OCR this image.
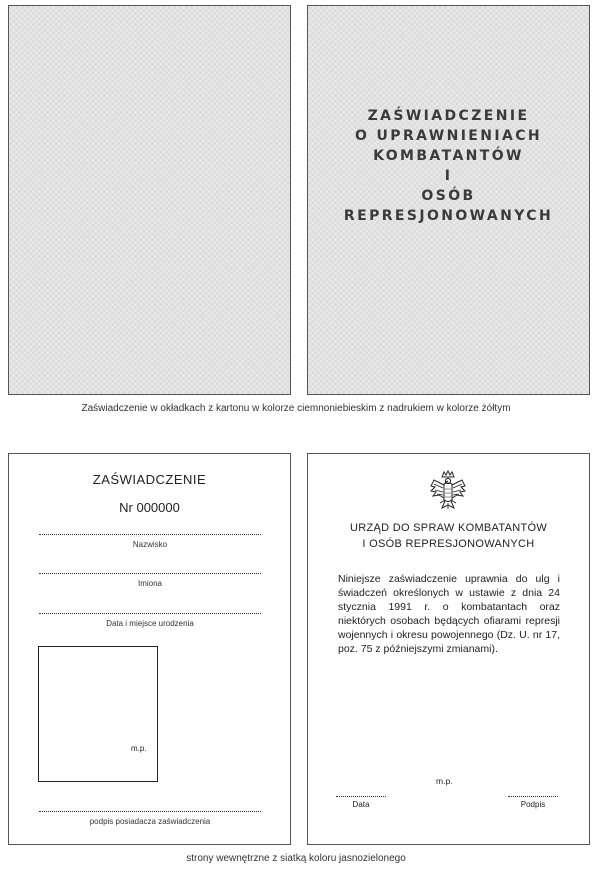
ZAŚWIADCZENIE
O UPRAWNIENIACH
KOMBATANTÓW
I
OSÓB
REPRESJONOWANYCH
Zaświadczenie w okładkach z kartonu w kolorze ciemnoniebieskim z nadrukiem w kolorze żółtym
ZAŚWIADCZENIE
Nr 000000
Nazwisko
Imiona
Data i miejsce urodzenia
m.p.
podpis posiadacza zaświadczenia
URZĄD DO SPRAW KOMBATANTÓW
I OSÓB REPRESJONOWANYCH
Niniejsze zaświadczenie uprawnia do ulg i świadczeń określonych w ustawie z dnia 24 stycznia 1991 r. o kombatantach oraz niektórych osobach będących ofiarami represji wojennych i okresu powojennego (Dz. U. nr 17, poz. 75 z późniejszymi zmianami).
m.p.
Data	Podpis
strony wewnętrzne z siatką koloru jasnozielonego
